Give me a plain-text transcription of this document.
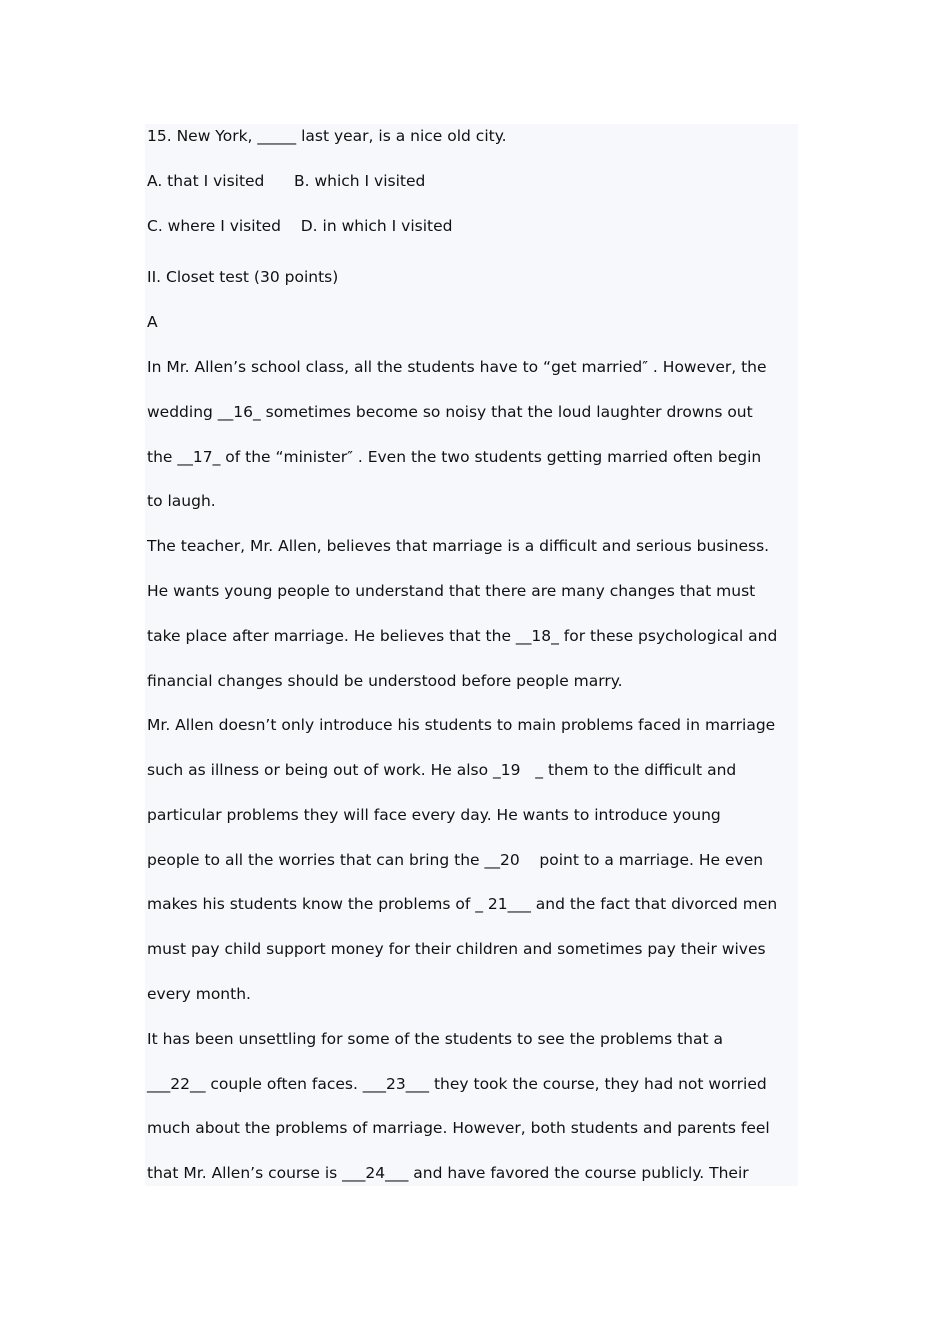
15. New York, _____ last year, is a nice old city.

A. that I visited      B. which I visited

C. where I visited    D. in which I visited

II. Closet test (30 points)

A

In Mr. Allen’s school class, all the students have to “get married″ . However, the

wedding __16_ sometimes become so noisy that the loud laughter drowns out

the __17_ of the “minister″ . Even the two students getting married often begin

to laugh.

The teacher, Mr. Allen, believes that marriage is a difficult and serious business.

He wants young people to understand that there are many changes that must

take place after marriage. He believes that the __18_ for these psychological and

financial changes should be understood before people marry.

Mr. Allen doesn’t only introduce his students to main problems faced in marriage

such as illness or being out of work. He also _19   _ them to the difficult and

particular problems they will face every day. He wants to introduce young

people to all the worries that can bring the __20    point to a marriage. He even

makes his students know the problems of _ 21___ and the fact that divorced men

must pay child support money for their children and sometimes pay their wives

every month.

It has been unsettling for some of the students to see the problems that a

___22__ couple often faces. ___23___ they took the course, they had not worried

much about the problems of marriage. However, both students and parents feel

that Mr. Allen’s course is ___24___ and have favored the course publicly. Their
